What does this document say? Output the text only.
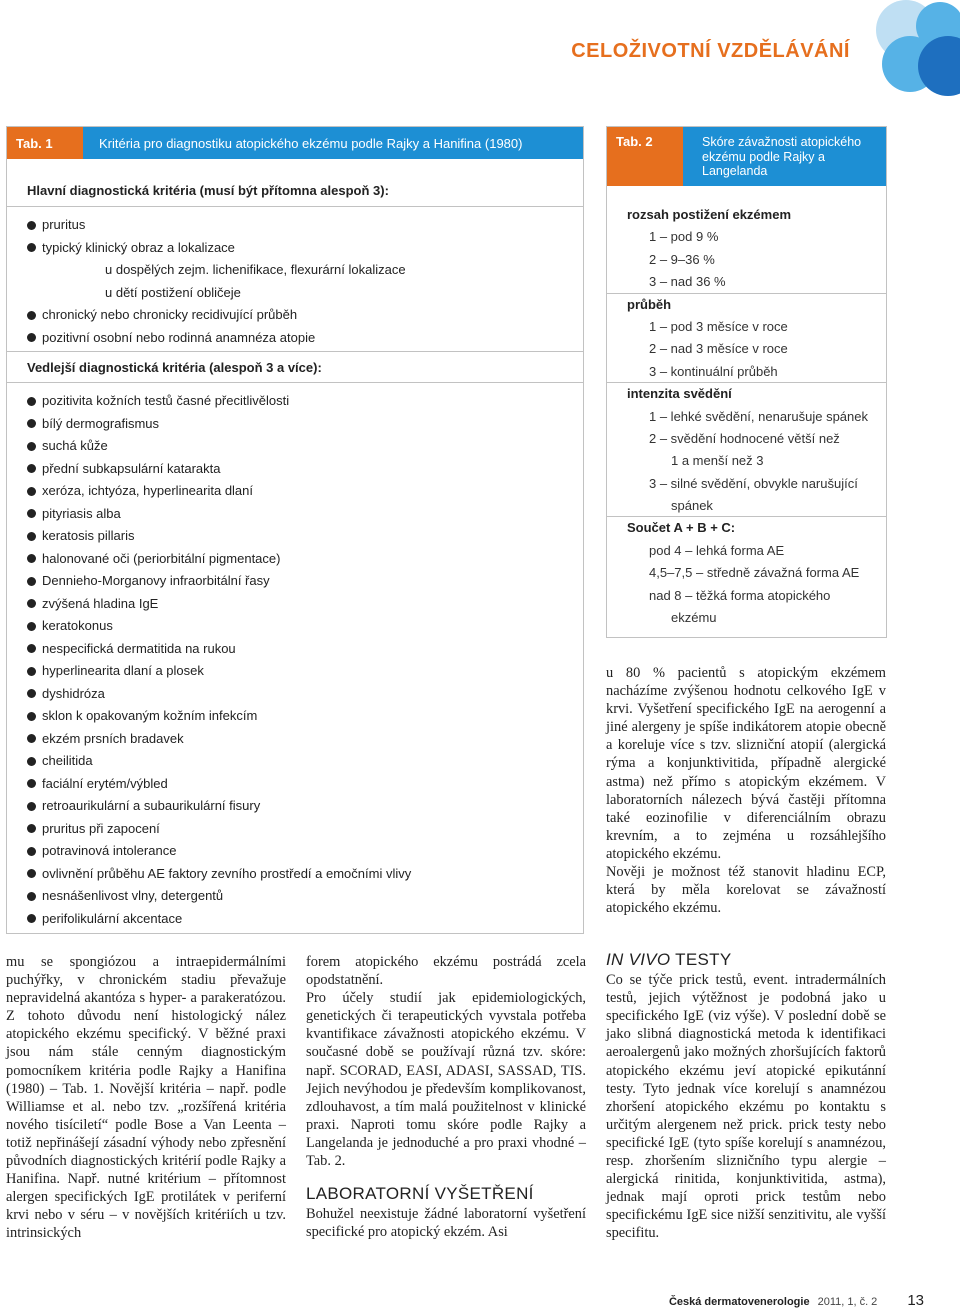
CELOŽIVOTNÍ VZDĚLÁVÁNÍ
Tab. 1	Kritéria pro diagnostiku atopického ekzému podle Rajky a Hanifina (1980)
Hlavní diagnostická kritéria (musí být přítomna alespoň 3):
pruritus
typický klinický obraz a lokalizace
u dospělých zejm. lichenifikace, flexurární lokalizace
u dětí postižení obličeje
chronický nebo chronicky recidivující průběh
pozitivní osobní nebo rodinná anamnéza atopie
Vedlejší diagnostická kritéria (alespoň 3 a více):
pozitivita kožních testů časné přecitlivělosti
bílý dermografismus
suchá kůže
přední subkapsulární katarakta
xeróza, ichtyóza, hyperlinearita dlaní
pityriasis alba
keratosis pillaris
halonované oči (periorbitální pigmentace)
Dennieho-Morganovy infraorbitální řasy
zvýšená hladina IgE
keratokonus
nespecifická dermatitida na rukou
hyperlinearita dlaní a plosek
dyshidróza
sklon k opakovaným kožním infekcím
ekzém prsních bradavek
cheilitida
faciální erytém/výbled
retroaurikulární a subaurikulární fisury
pruritus při zapocení
potravinová intolerance
ovlivnění průběhu AE faktory zevního prostředí a emočními vlivy
nesnášenlivost vlny, detergentů
perifolikulární akcentace
Tab. 2	Skóre závažnosti atopického ekzému podle Rajky a Langelanda
rozsah postižení ekzémem
1 – pod 9 %
2 – 9–36 %
3 – nad 36 %
průběh
1 – pod 3 měsíce v roce
2 – nad 3 měsíce v roce
3 – kontinuální průběh
intenzita svědění
1 – lehké svědění, nenarušuje spánek
2 – svědění hodnocené větší než
1 a menší než 3
3 – silné svědění, obvykle narušující
spánek
Součet A + B + C:
pod 4 – lehká forma AE
4,5–7,5 – středně závažná forma AE
nad 8 – těžká forma atopického
ekzému

u 80 % pacientů s atopickým ekzémem nacházíme zvýšenou hodnotu celkového IgE v krvi. Vyšetření specifického IgE na aerogenní a jiné alergeny je spíše indikátorem atopie obecně a koreluje více s tzv. slizniční atopií (alergická rýma a konjunktivitida, případně alergické astma) než přímo s atopickým ekzémem. V laboratorních nálezech bývá častěji přítomna také eozinofilie v diferenciálním obrazu krevním, a to zejména u rozsáhlejšího atopického ekzému.

Nověji je možnost též stanovit hladinu ECP, která by měla korelovat se závažností atopického ekzému.

mu se spongiózou a intraepidermálními puchýřky, v chronickém stadiu převažuje nepravidelná akantóza s hyper- a parakeratózou. Z tohoto důvodu není histologický nález atopického ekzému specifický. V běžné praxi jsou nám stále cenným diagnostickým pomocníkem kritéria podle Rajky a Hanifina (1980) – Tab. 1. Novější kritéria – např. podle Williamse et al. nebo tzv. „rozšířená kritéria nového tisíciletí“ podle Bose a Van Leenta – totiž nepřinášejí zásadní výhody nebo zpřesnění původních diagnostických kritérií podle Rajky a Hanifina. Např. nutné kritérium – přítomnost alergen specifických IgE protilátek v periferní krvi nebo v séru – v novějších kritériích u tzv. intrinsických

forem atopického ekzému postrádá zcela opodstatnění.

Pro účely studií jak epidemiologických, genetických či terapeutických vyvstala potřeba kvantifikace závažnosti atopického ekzému. V současné době se používají různá tzv. skóre: např. SCORAD, EASI, ADASI, SASSAD, TIS. Jejich nevýhodou je především komplikovanost, zdlouhavost, a tím malá použitelnost v klinické praxi. Naproti tomu skóre podle Rajky a Langelanda je jednoduché a pro praxi vhodné – Tab. 2.

LABORATORNÍ VYŠETŘENÍ

Bohužel neexistuje žádné laboratorní vyšetření specifické pro atopický ekzém. Asi

IN VIVO TESTY

Co se týče prick testů, event. intradermálních testů, jejich výtěžnost je podobná jako u specifického IgE (viz výše). V poslední době se jako slibná diagnostická metoda k identifikaci aeroalergenů jako možných zhoršujících faktorů atopického ekzému jeví atopické epikutánní testy. Tyto jednak více korelují s anamnézou zhoršení atopického ekzému po kontaktu s určitým alergenem než prick. prick testy nebo specifické IgE (tyto spíše korelují s anamnézou, resp. zhoršením slizničního typu alergie – alergická rinitida, konjunktivitida, astma), jednak mají oproti prick testům nebo specifickému IgE sice nižší senzitivitu, ale vyšší specifitu.

Česká dermatovenerologie 2011, 1, č. 2 13
